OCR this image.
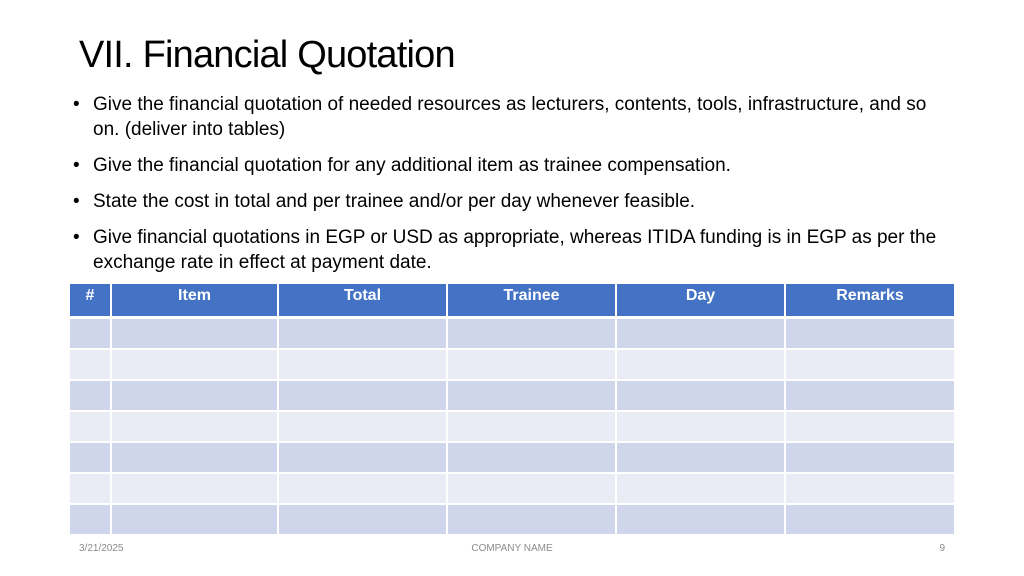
VII. Financial Quotation
• Give the financial quotation of needed resources as lecturers, contents, tools, infrastructure, and so on. (deliver into tables)
• Give the financial quotation for any additional item as trainee compensation.
• State the cost in total and per trainee and/or per day whenever feasible.
• Give financial quotations in EGP or USD as appropriate, whereas ITIDA funding is in EGP as per the exchange rate in effect at payment date.
#	Item	Total	Trainee	Day	Remarks

3/21/2025	COMPANY NAME	9
